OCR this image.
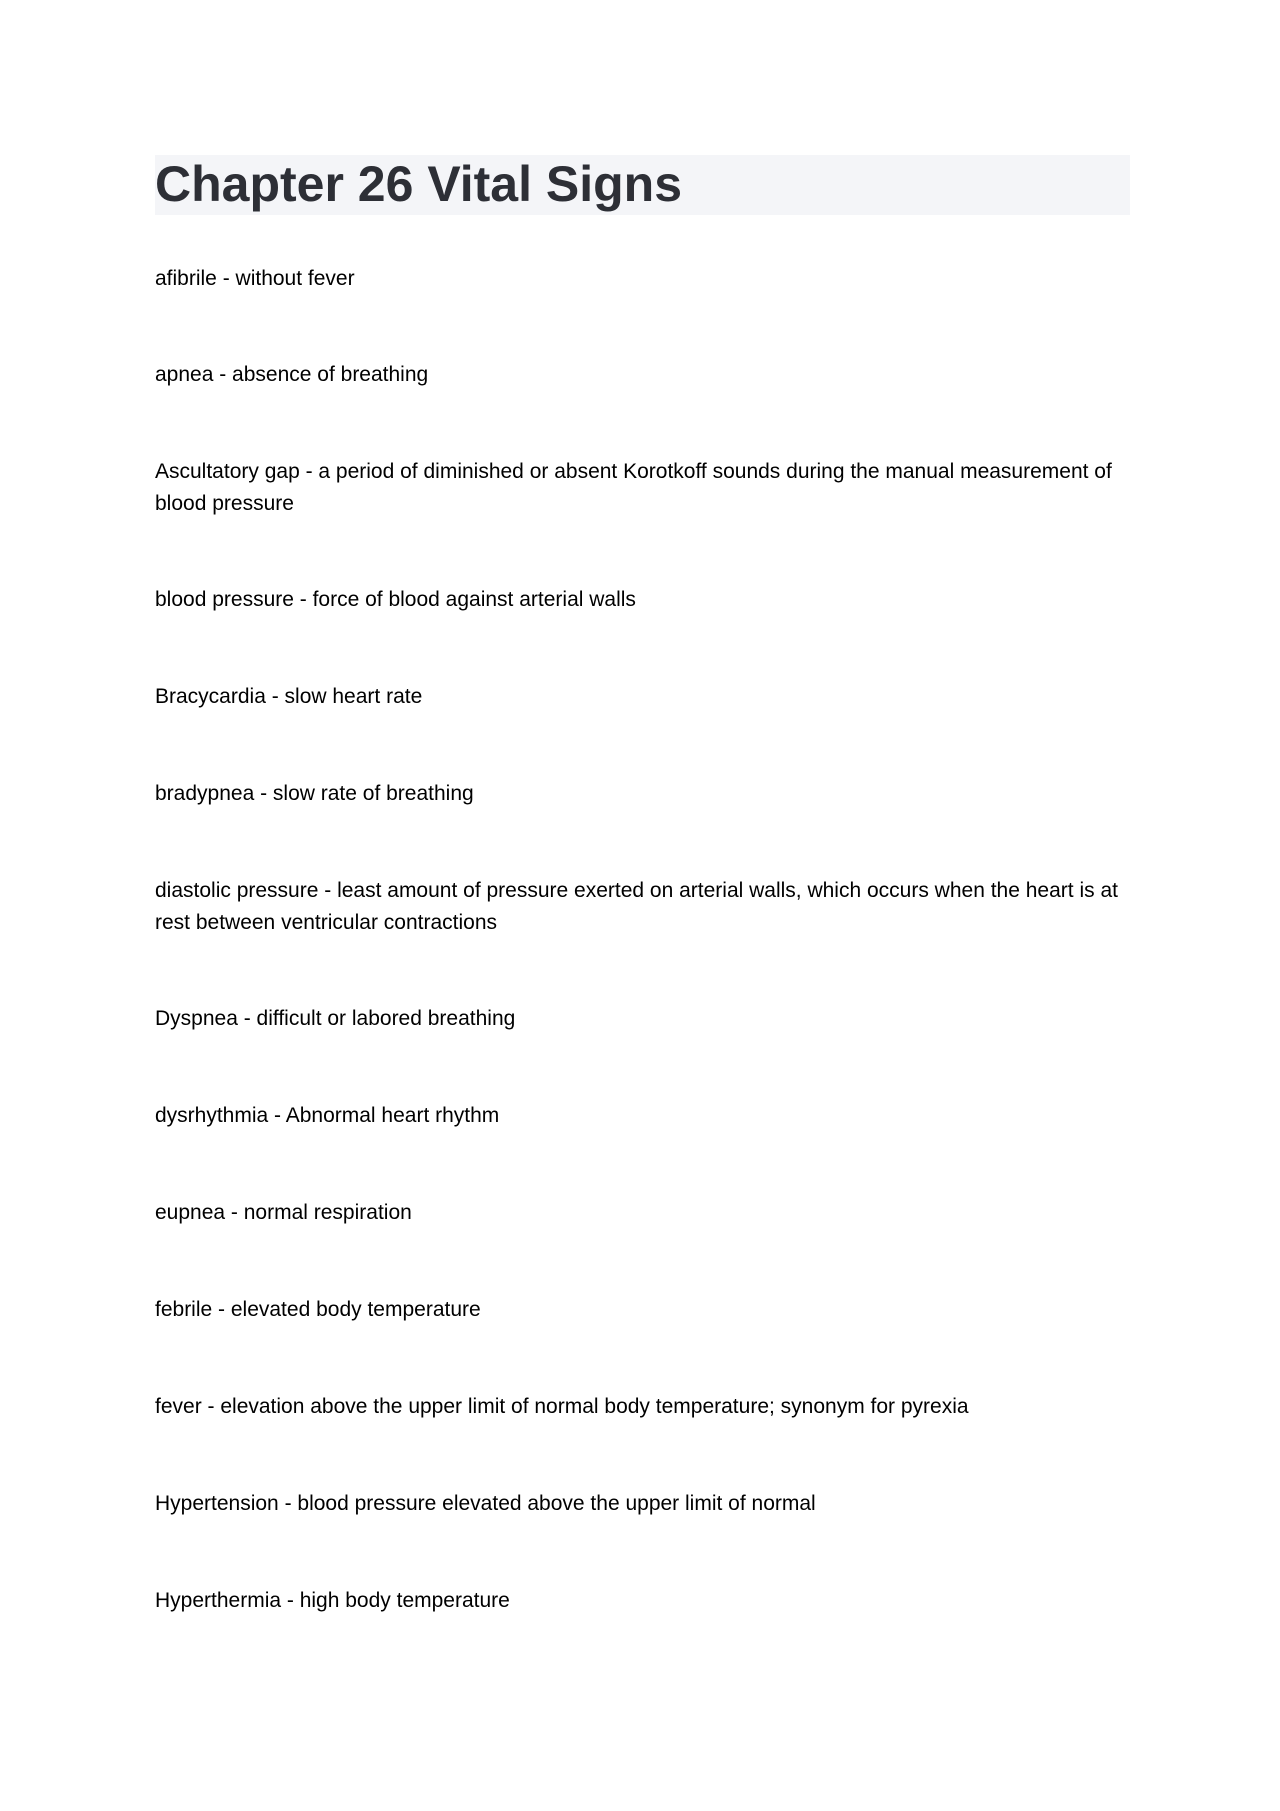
Chapter 26 Vital Signs

afibrile - without fever

apnea - absence of breathing

Ascultatory gap - a period of diminished or absent Korotkoff sounds during the manual measurement of blood pressure

blood pressure - force of blood against arterial walls

Bracycardia - slow heart rate

bradypnea - slow rate of breathing

diastolic pressure - least amount of pressure exerted on arterial walls, which occurs when the heart is at rest between ventricular contractions

Dyspnea - difficult or labored breathing

dysrhythmia - Abnormal heart rhythm

eupnea - normal respiration

febrile - elevated body temperature

fever - elevation above the upper limit of normal body temperature; synonym for pyrexia

Hypertension - blood pressure elevated above the upper limit of normal

Hyperthermia - high body temperature
